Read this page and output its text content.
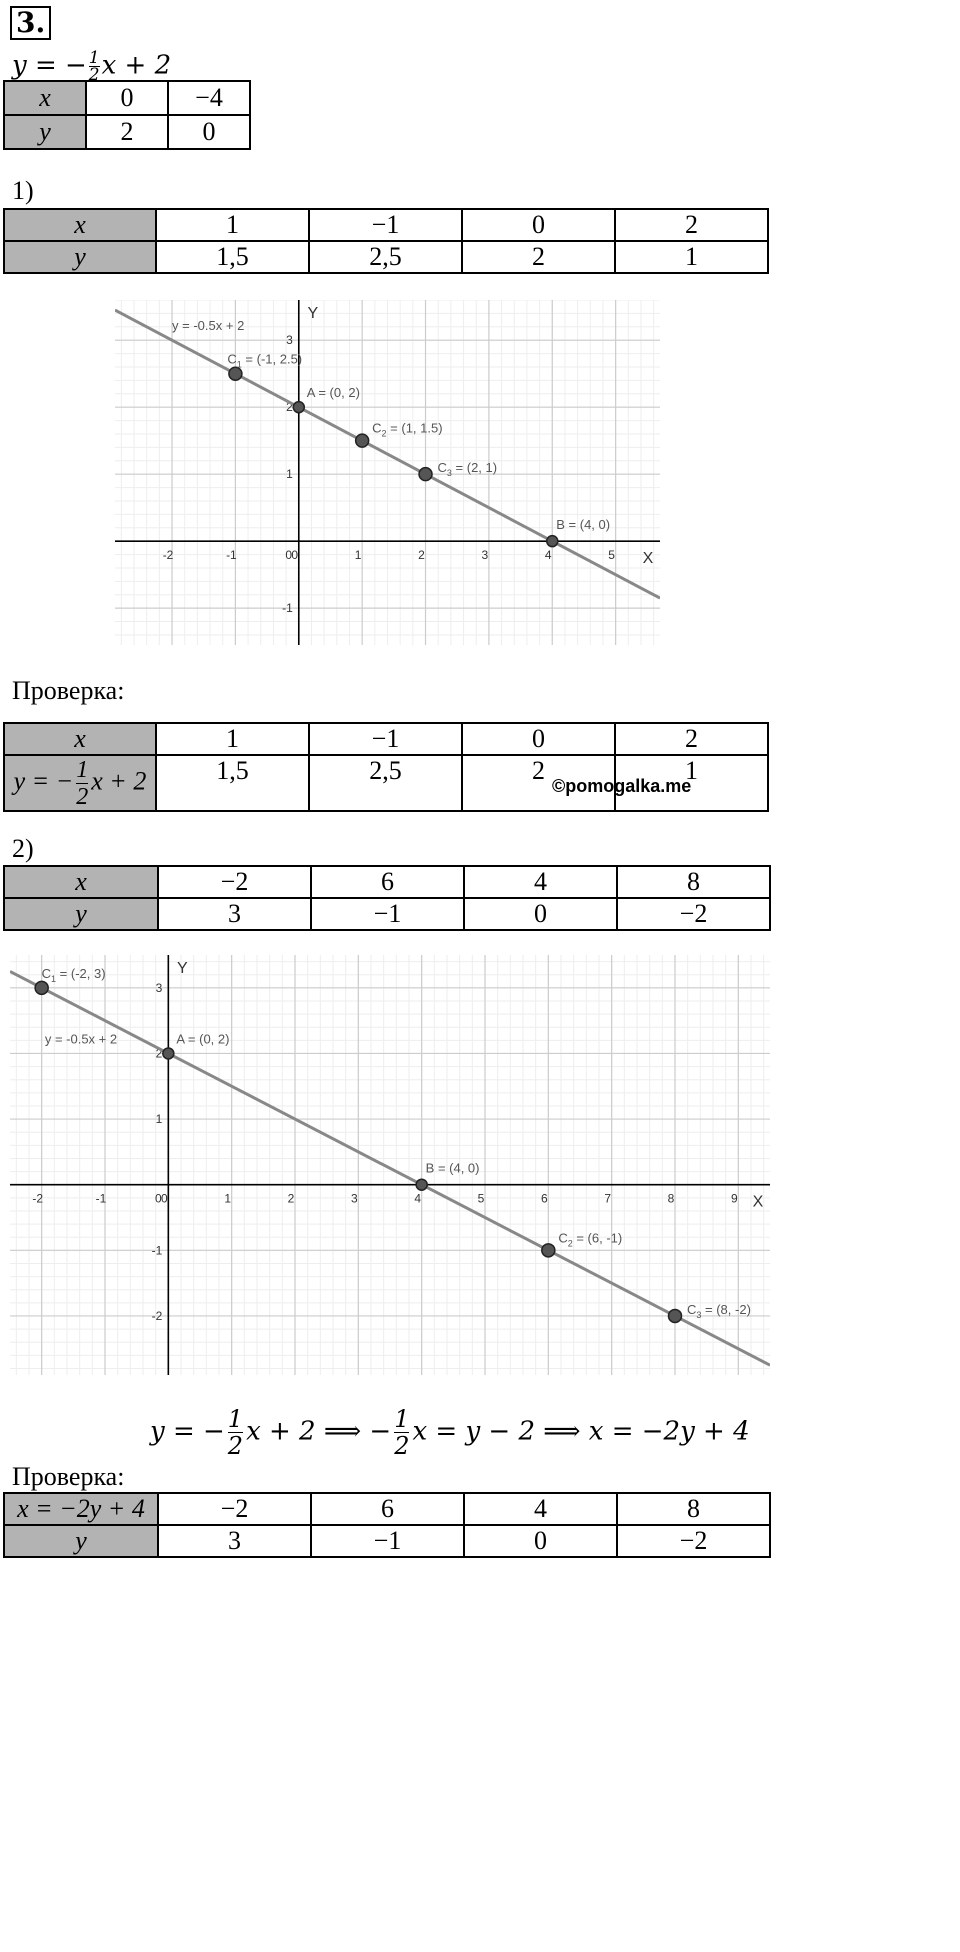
3.
y = − $\frac{1}{2}$ x + 2
x	0	−4
y	2	0
1)
x	1	−1	0	2
y	1,5	2,5	2	1
-2	-1	0	1	2	3	4	5
0
-1
1
2
3
X
Y
y = -0.5x + 2
$C_1 = (-1$, 2.5)
A = (0, 2)
$C_2 = (1$, 1.5)
$C_3 = (2$, 1)
B = (4, 0)
Проверка:
x	1	−1	0	2
y = − $\frac{1}{2}$ x + 2	1,5	2,5	2	1
©pomogalka.me
2)
x	−2	6	4	8
y	3	−1	0	−2
-2	-1	0	1	2	3	4	5	6	7	8	9
0
-2
-1
1
2
3
X
Y
y = -0.5x + 2
$C_1 = (-2$, 3)
A = (0, 2)
B = (4, 0)
$C_2 = (6$, -1)
$C_3 = (8$, -2)
y = − $\frac{1}{2}$ x + 2 ⟹ − $\frac{1}{2}$ x = y − 2 ⟹ x = −2y + 4
Проверка:
x = −2y + 4	−2	6	4	8
y	3	−1	0	−2
